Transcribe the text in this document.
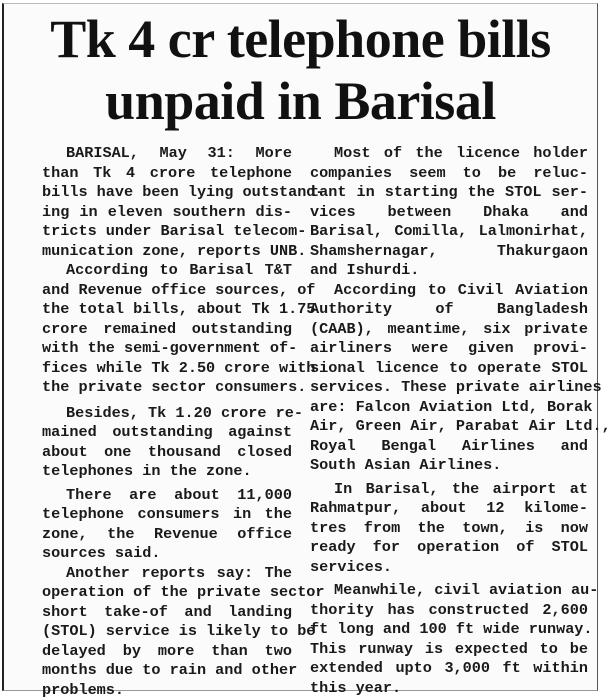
Tk 4 cr telephone bills
unpaid in Barisal

BARISAL, May 31: More
than Tk 4 crore telephone
bills have been lying outstand-
ing in eleven southern dis-
tricts under Barisal telecom-
munication zone, reports UNB.

According to Barisal T&T
and Revenue office sources, of
the total bills, about Tk 1.75
crore remained outstanding
with the semi-government of-
fices while Tk 2.50 crore with
the private sector consumers.

Besides, Tk 1.20 crore re-
mained outstanding against
about one thousand closed
telephones in the zone.

There are about 11,000
telephone consumers in the
zone, the Revenue office
sources said.

Another reports say: The
operation of the private sector
short take-of and landing
(STOL) service is likely to be
delayed by more than two
months due to rain and other
problems.

Most of the licence holder
companies seem to be reluc-
tant in starting the STOL ser-
vices between Dhaka and
Barisal, Comilla, Lalmonirhat,
Shamshernagar, Thakurgaon
and Ishurdi.

According to Civil Aviation
Authority of Bangladesh
(CAAB), meantime, six private
airliners were given provi-
sional licence to operate STOL
services. These private airlines
are: Falcon Aviation Ltd, Borak
Air, Green Air, Parabat Air Ltd.,
Royal Bengal Airlines and
South Asian Airlines.

In Barisal, the airport at
Rahmatpur, about 12 kilome-
tres from the town, is now
ready for operation of STOL
services.

Meanwhile, civil aviation au-
thority has constructed 2,600
ft long and 100 ft wide runway.
This runway is expected to be
extended upto 3,000 ft within
this year.
